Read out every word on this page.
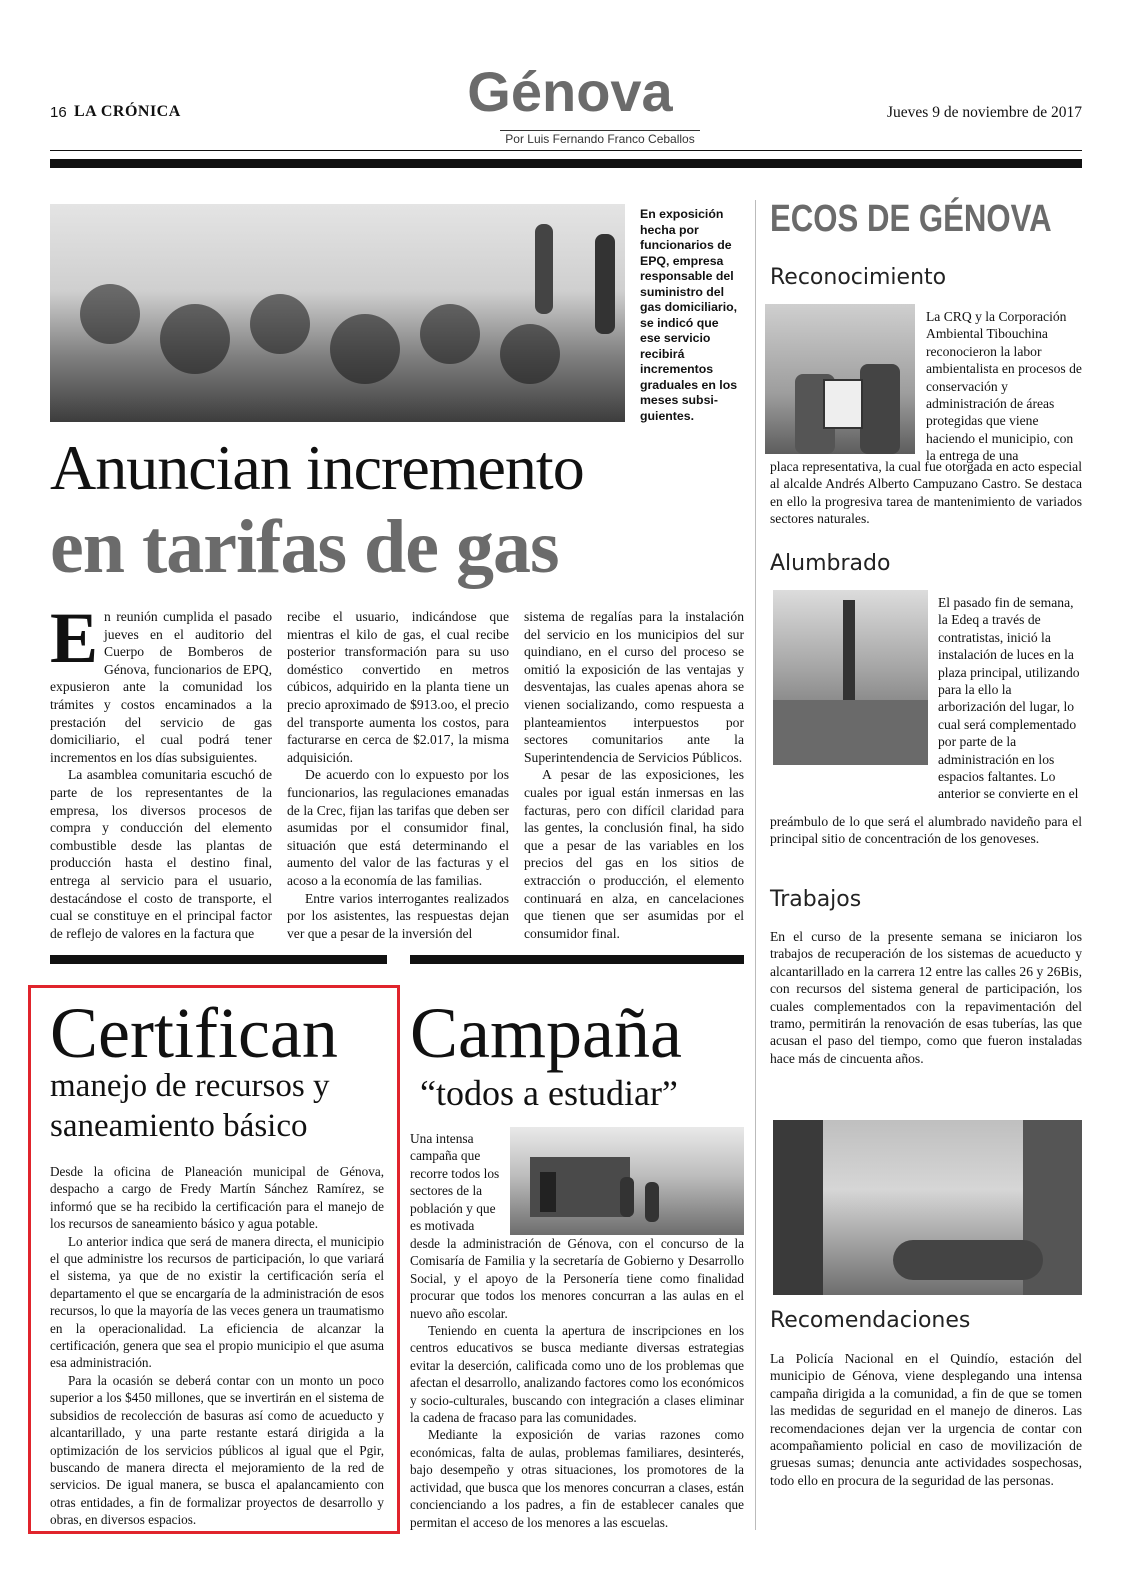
16 LA CRÓNICA	Génova
Por Luis Fernando Franco Ceballos
Jueves 9 de noviembre de 2017
En exposición hecha por funcionarios de EPQ, empresa responsable del suministro del gas domiciliario, se indicó que ese servicio recibirá incrementos graduales en los meses subsi-guientes.
Anuncian incremento
en tarifas de gas

En reunión cumplida el pasado jueves en el auditorio del Cuerpo de Bomberos de Génova, funcionarios de EPQ, expusieron ante la comunidad los trámites y costos encaminados a la prestación del servicio de gas domiciliario, el cual podrá tener incrementos en los días subsiguientes.

La asamblea comunitaria escuchó de parte de los representantes de la empresa, los diversos procesos de compra y conducción del elemento combustible desde las plantas de producción hasta el destino final, entrega al servicio para el usuario, destacándose el costo de transporte, el cual se constituye en el principal factor de reflejo de valores en la factura que

recibe el usuario, indicándose que mientras el kilo de gas, el cual recibe posterior transformación para su uso doméstico convertido en metros cúbicos, adquirido en la planta tiene un precio aproximado de $913.oo, el precio del transporte aumenta los costos, para facturarse en cerca de $2.017, la misma adquisición.

De acuerdo con lo expuesto por los funcionarios, las regulaciones emanadas de la Crec, fijan las tarifas que deben ser asumidas por el consumidor final, situación que está determinando el aumento del valor de las facturas y el acoso a la economía de las familias.

Entre varios interrogantes realizados por los asistentes, las respuestas dejan ver que a pesar de la inversión del

sistema de regalías para la instalación del servicio en los municipios del sur quindiano, en el curso del proceso se omitió la exposición de las ventajas y desventajas, las cuales apenas ahora se vienen socializando, como respuesta a planteamientos interpuestos por sectores comunitarios ante la Superintendencia de Servicios Públicos.

A pesar de las exposiciones, les cuales por igual están inmersas en las facturas, pero con difícil claridad para las gentes, la conclusión final, ha sido que a pesar de las variables en los precios del gas en los sitios de extracción o producción, el elemento continuará en alza, en cancelaciones que tienen que ser asumidas por el consumidor final.

Certifican
manejo de recursos y saneamiento básico

Desde la oficina de Planeación municipal de Génova, despacho a cargo de Fredy Martín Sánchez Ramírez, se informó que se ha recibido la certificación para el manejo de los recursos de saneamiento básico y agua potable.

Lo anterior indica que será de manera directa, el municipio el que administre los recursos de participación, lo que variará el sistema, ya que de no existir la certificación sería el departamento el que se encargaría de la administración de esos recursos, lo que la mayoría de las veces genera un traumatismo en la operacionalidad. La eficiencia de alcanzar la certificación, genera que sea el propio municipio el que asuma esa administración.

Para la ocasión se deberá contar con un monto un poco superior a los $450 millones, que se invertirán en el sistema de subsidios de recolección de basuras así como de acueducto y alcantarillado, y una parte restante estará dirigida a la optimización de los servicios públicos al igual que el Pgir, buscando de manera directa el mejoramiento de la red de servicios. De igual manera, se busca el apalancamiento con otras entidades, a fin de formalizar proyectos de desarrollo y obras, en diversos espacios.

Campaña
“todos a estudiar”
Una intensa campaña que recorre todos los sectores de la población y que es motivada

desde la administración de Génova, con el concurso de la Comisaría de Familia y la secretaría de Gobierno y Desarrollo Social, y el apoyo de la Personería tiene como finalidad procurar que todos los menores concurran a las aulas en el nuevo año escolar.

Teniendo en cuenta la apertura de inscripciones en los centros educativos se busca mediante diversas estrategias evitar la deserción, calificada como uno de los problemas que afectan el desarrollo, analizando factores como los económicos y socio-culturales, buscando con integración a clases eliminar la cadena de fracaso para las comunidades.

Mediante la exposición de varias razones como económicas, falta de aulas, problemas familiares, desinterés, bajo desempeño y otras situaciones, los promotores de la actividad, que busca que los menores concurran a clases, están concienciando a los padres, a fin de establecer canales que permitan el acceso de los menores a las escuelas.

ECOS DE GÉNOVA
Reconocimiento
La CRQ y la Corporación Ambiental Tibouchina reconocieron la labor ambientalista en procesos de conservación y administración de áreas protegidas que viene haciendo el municipio, con la entrega de una
placa representativa, la cual fue otorgada en acto especial al alcalde Andrés Alberto Campuzano Castro. Se destaca en ello la progresiva tarea de mantenimiento de variados sectores naturales.
Alumbrado
El pasado fin de semana, la Edeq a través de contratistas, inició la instalación de luces en la plaza principal, utilizando para la ello la arborización del lugar, lo cual será complementado por parte de la administración en los espacios faltantes. Lo anterior se convierte en el
preámbulo de lo que será el alumbrado navideño para el principal sitio de concentración de los genoveses.
Trabajos
En el curso de la presente semana se iniciaron los trabajos de recuperación de los sistemas de acueducto y alcantarillado en la carrera 12 entre las calles 26 y 26Bis, con recursos del sistema general de participación, los cuales complementados con la repavimentación del tramo, permitirán la renovación de esas tuberías, las que acusan el paso del tiempo, como que fueron instaladas hace más de cincuenta años.
Recomendaciones
La Policía Nacional en el Quindío, estación del municipio de Génova, viene desplegando una intensa campaña dirigida a la comunidad, a fin de que se tomen las medidas de seguridad en el manejo de dineros. Las recomendaciones dejan ver la urgencia de contar con acompañamiento policial en caso de movilización de gruesas sumas; denuncia ante actividades sospechosas, todo ello en procura de la seguridad de las personas.
